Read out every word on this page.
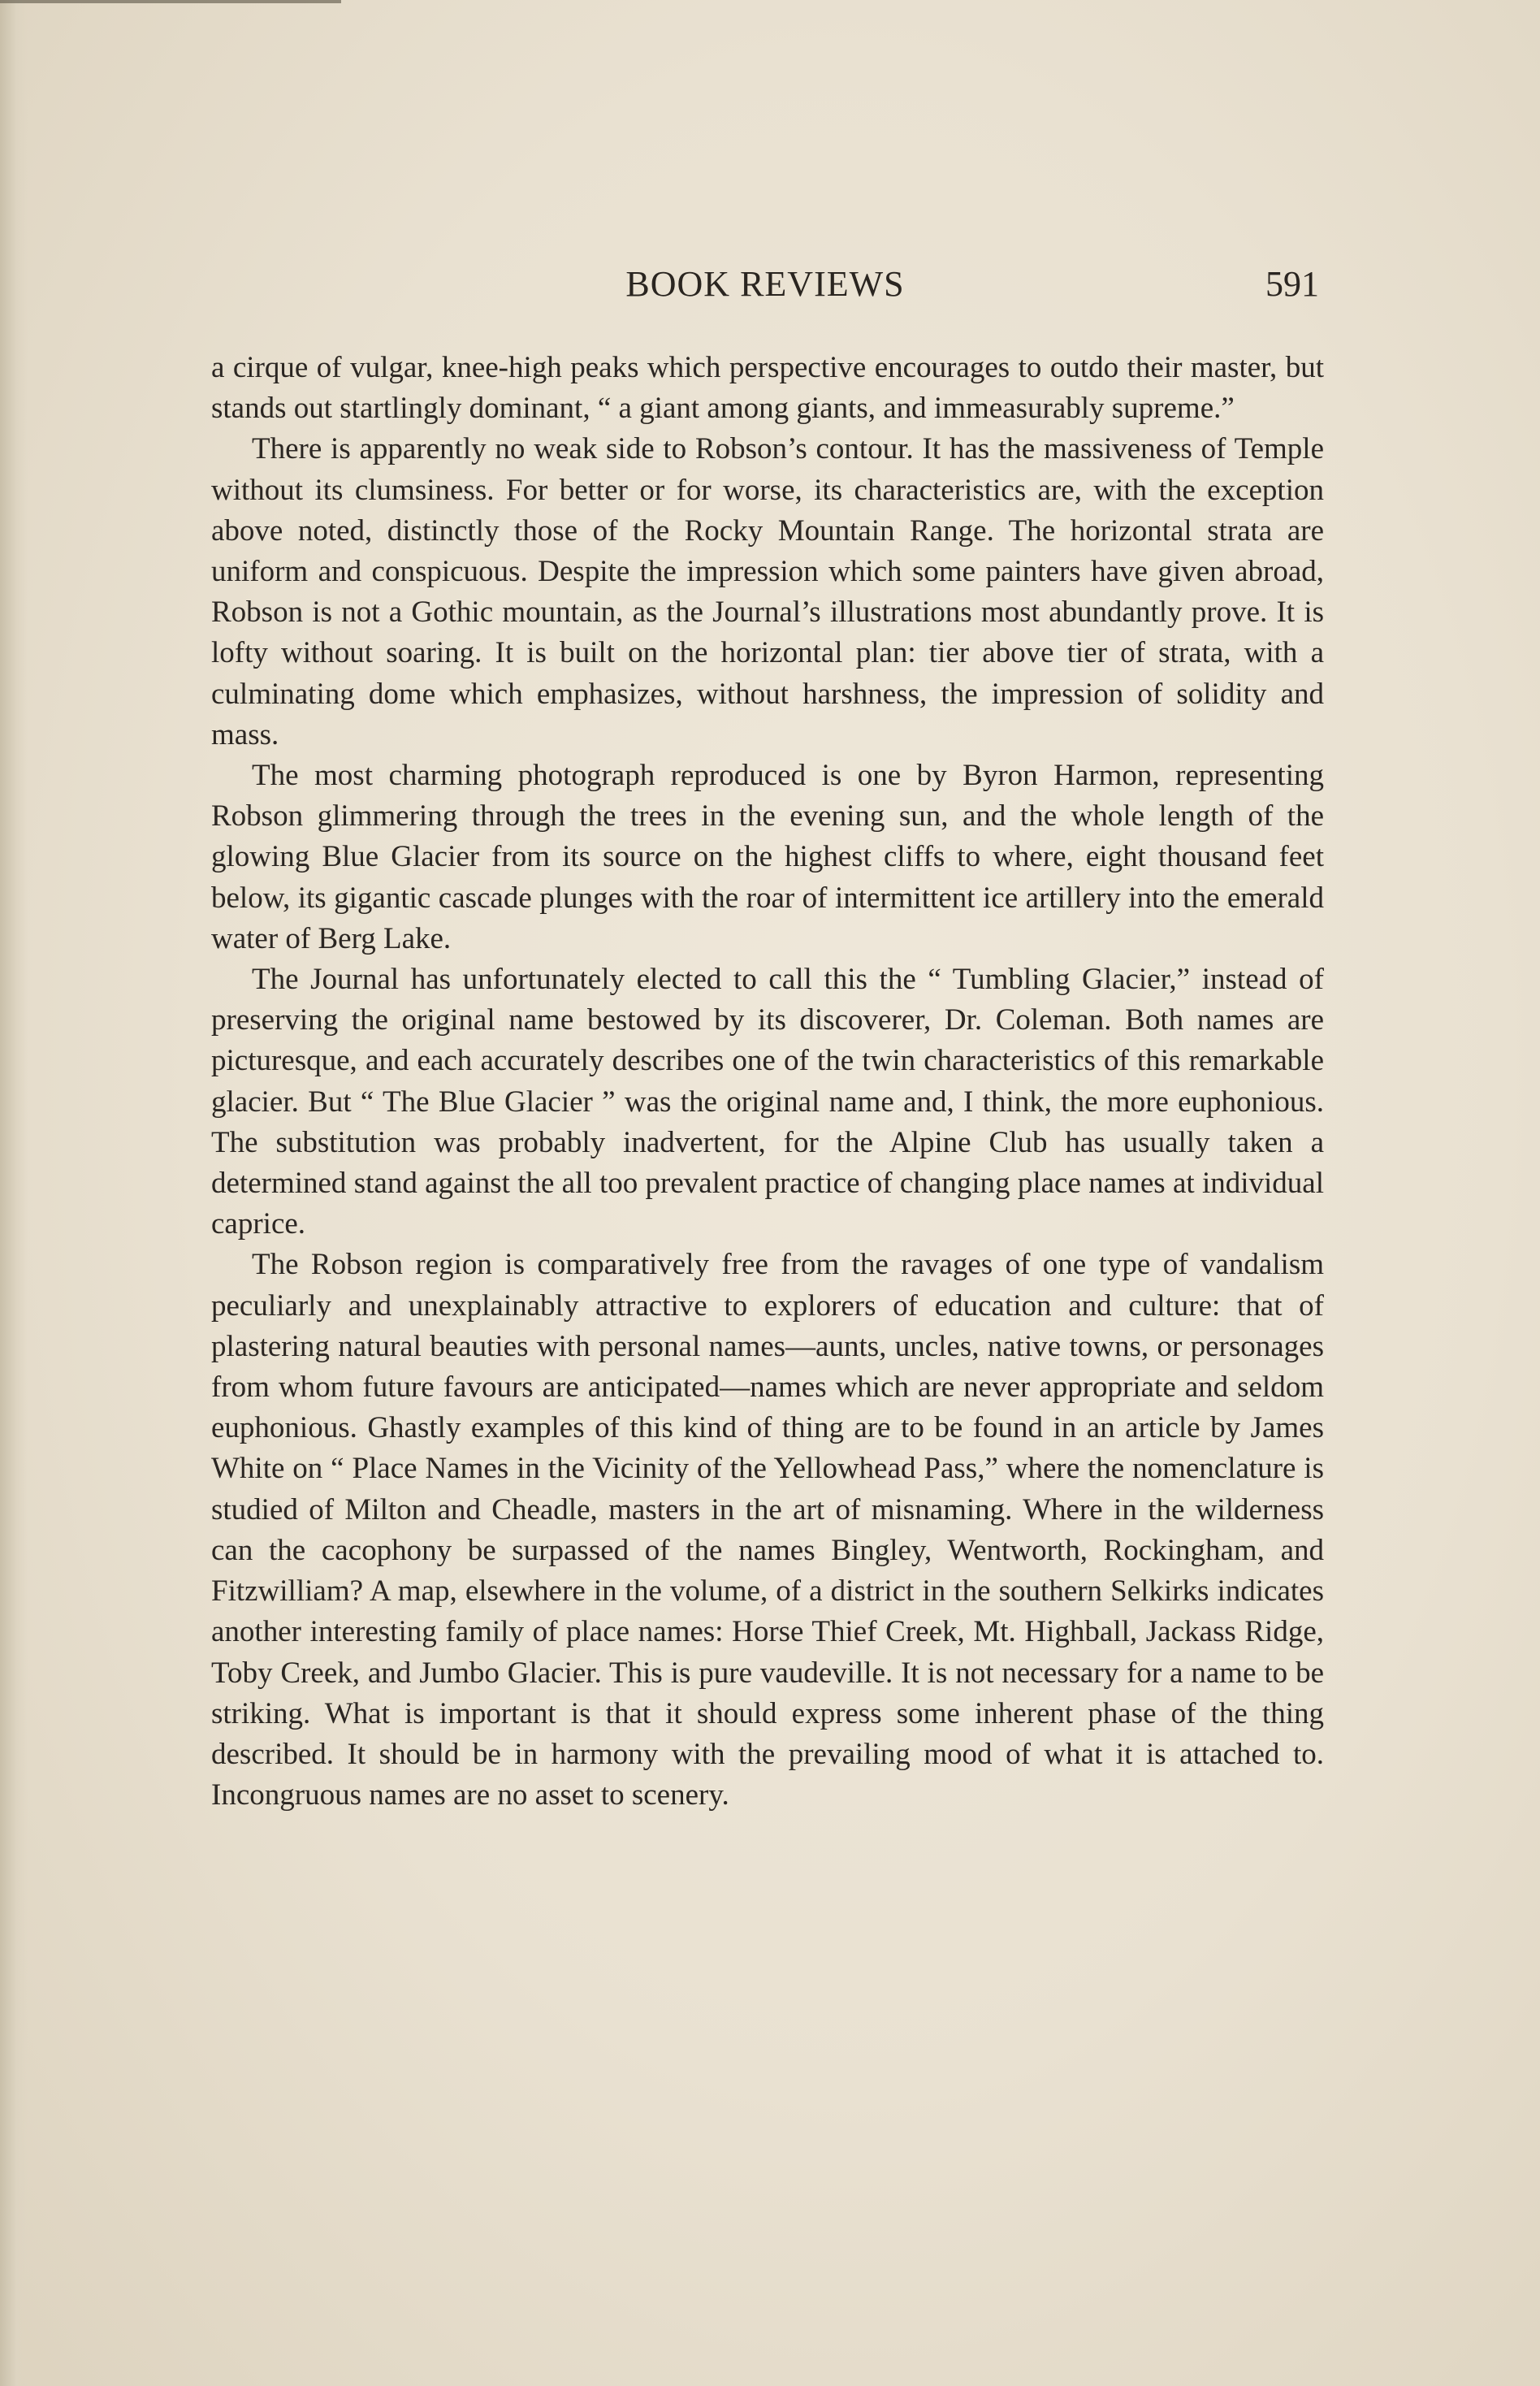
BOOK REVIEWS	591

a cirque of vulgar, knee-high peaks which perspective encourages to outdo their master, but stands out startlingly dominant, “ a giant among giants, and immeasurably supreme.”

There is apparently no weak side to Robson’s contour. It has the massiveness of Temple without its clumsiness. For better or for worse, its characteristics are, with the exception above noted, distinctly those of the Rocky Mountain Range. The horizontal strata are uniform and conspicuous. Despite the impression which some painters have given abroad, Robson is not a Gothic mountain, as the Journal’s illustrations most abundantly prove. It is lofty without soaring. It is built on the horizontal plan: tier above tier of strata, with a culminating dome which emphasizes, without harshness, the impression of solidity and mass.

The most charming photograph reproduced is one by Byron Harmon, representing Robson glimmering through the trees in the evening sun, and the whole length of the glowing Blue Glacier from its source on the highest cliffs to where, eight thousand feet below, its gigantic cascade plunges with the roar of intermittent ice artillery into the emerald water of Berg Lake.

The Journal has unfortunately elected to call this the “ Tumbling Glacier,” instead of preserving the original name bestowed by its discoverer, Dr. Coleman. Both names are picturesque, and each accurately describes one of the twin characteristics of this remarkable glacier. But “ The Blue Glacier ” was the original name and, I think, the more euphonious. The substitution was probably inadvertent, for the Alpine Club has usually taken a determined stand against the all too prevalent practice of changing place names at individual caprice.

The Robson region is comparatively free from the ravages of one type of vandalism peculiarly and unexplainably attractive to explorers of education and culture: that of plastering natural beauties with personal names—aunts, uncles, native towns, or personages from whom future favours are anticipated—names which are never appropriate and seldom euphonious. Ghastly examples of this kind of thing are to be found in an article by James White on “ Place Names in the Vicinity of the Yellowhead Pass,” where the nomenclature is studied of Milton and Cheadle, masters in the art of misnaming. Where in the wilderness can the cacophony be surpassed of the names Bingley, Wentworth, Rockingham, and Fitzwilliam? A map, elsewhere in the volume, of a district in the southern Selkirks indicates another interesting family of place names: Horse Thief Creek, Mt. Highball, Jackass Ridge, Toby Creek, and Jumbo Glacier. This is pure vaudeville. It is not necessary for a name to be striking. What is important is that it should express some inherent phase of the thing described. It should be in harmony with the prevailing mood of what it is attached to. Incongruous names are no asset to scenery.
